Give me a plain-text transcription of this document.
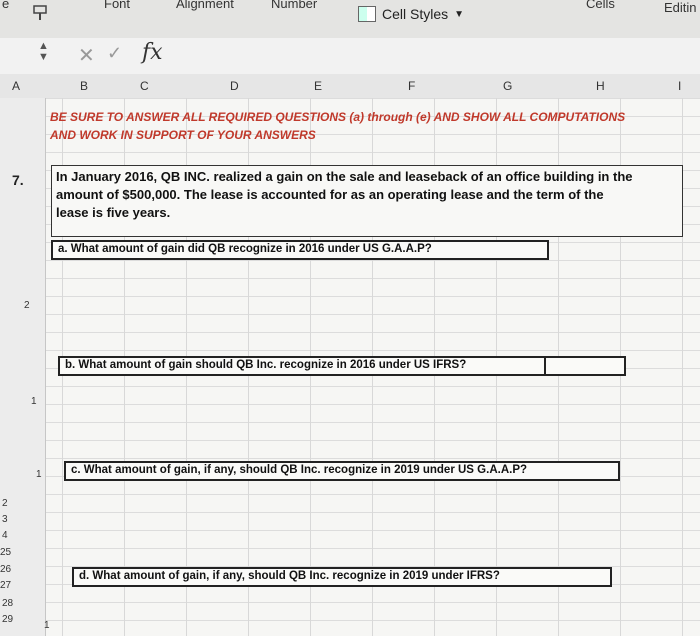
e	Font	Alignment	Number	Cells	Editin
Cell Styles ▼
▲
▼ ✕ ✓ fx
A	B	C	D	E	F	G	H	I
2
3
4
25
26
27
28
29
BE SURE TO ANSWER ALL REQUIRED QUESTIONS (a) through (e) AND SHOW ALL COMPUTATIONS
AND WORK IN SUPPORT OF YOUR ANSWERS
7. In January 2016, QB INC. realized a gain on the sale and leaseback of an office building in the
amount of $500,000. The lease is accounted for as an operating lease and the term of the
lease is five years.
a. What amount of gain did QB recognize in 2016 under US G.A.A.P?
2
b. What amount of gain should QB Inc. recognize in 2016 under US IFRS?
1
c. What amount of gain, if any, should QB Inc. recognize in 2019 under US G.A.A.P?
1
d. What amount of gain, if any, should QB Inc. recognize in 2019 under IFRS?
1
